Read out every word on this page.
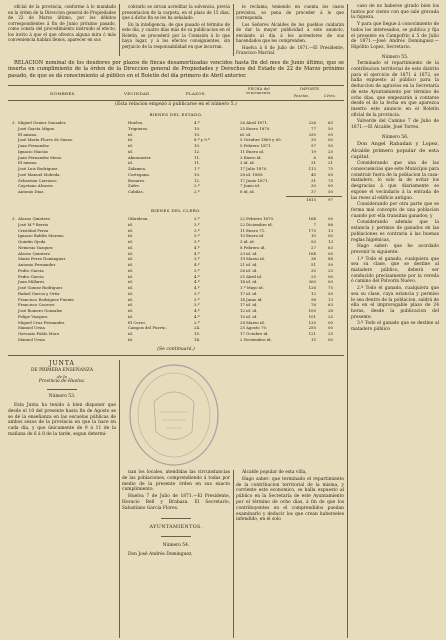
oficial de la provincia, conforme á lo mandado en la órden de la Direccion general de Propiedades de 22 de Marzo último, por los débitos correspondientes á fin de Junio próximo pasado, como consta del procedimiento instruido al efecto, los invito á que el que ofrezca alguna mira ó más conveniencia hablan llenos, aparecer en sus

cobrarlo se sirvan acreditar la solvencia, previa presentacion de la carpeta, en el plazo de 15 días, que á dicho fin se les ha señalado.

En la inteligencia, de que pasado el término de este dia, y cuatro días más de su publicacion en el Boletín, se procederá por la Comisión á lo que haya lugar, y á los efectos consiguientes, sin perjuicio de la responsabilidad en que incurran.

le reclama, teniendo en cuenta los casos previstos, so pena de proceder á lo que corresponda.

Los Señores Alcaldes de los pueblos cuidarán de dar la mayor publicidad á este anuncio, enviando al dia á los acreedores de sus hacendados que les comprenden.

Huelva á 6 de Julio de 1871.—El Presidente, Francisco Marcial.

RELACION nominal de los deudores por plazos de fincas desamortizadas vencidos hasta fin del mes de Junio último, que se inserta en cumplimiento de la órden de la Direccion general de Propiedades y Derechos del Estado de 22 de Marzo próximo pasado, de que se dá conocimiento al público en el Boletín del día primero de Abril anterior.

NOMBRES.	VECINDAD.	PLAZOS.
FECHA del vencimiento.
IMPORTE
Pesetas.	Cénts.
(Esta relacion empezó á publicarse en el número 5.)
BIENES DEL ESTADO.
3. Miguel Gomez Gonzalez	Huelva.	4.º	26 Abril 1871.	226	63
José García Migue.	Trigueros.	10.	25 Enero 1870.	77	50
El mismo.	id.	10.	id. id.	330	00
José María Flores de Saura.	id.	8.º y 9.º	5 Octubre 1869 y 69.	35	00
Juan Fernandez	id.	10.	5 Febrero 1871.	97	50
Ignacio Macías	id.	12.	11 Enero id.	19	25
Juan Fernandez Mesa.	Almonaster.	11.	3 Enero id.	6	88
El mismo.	id.	11.	3 id. id.	31	21
José Luis Rodriguez.	Zalamea.	1.º	17 Julio 1870.	113	75
José Manuel Moheda.	Cortegana.	10.	28 id. 1869.	40	00
Sebastian Carrasco.	Bonares.	12.	17 Junio 1871.	31	75
Cayetano Alvarez.	Zufre.	2.º	7 Junio id.	30	00
Antonio Diaz.	Cabilas.	2.º	8 id. id.	37	50
1815	97
BIENES DEL CLERO.
3. Alonso Quintero	Gibraleon.	3.º	22 Febrero 1870.	164	00
José M.ª Berrio	id.	3.º	22 Diciembre id.	7	88
Cristóbal Perea	id.	3.º	11 Enero 71.	175	13
Ignacio Baldés Moreno	id.	3.º	10 Enero id.	10	00
Quintín Ojeda	id.	3.º	3 id. id.	50	13
Nemesio Vazquez	id.	4.º	8 Febrero id.	27	63
Alonso Quintero	id.	4.º	23 id. id.	164	00
María Perez Dominguez	id.	3.º	19 Marzo id.	36	88
Antonio Fernandez	id.	4.º	21 id. id.	51	50
Pedro Garcia	id.	3.º	26 id. id.	35	25
Pedro Garcia	id.	4.º	25 Abril id.	25	00
Juan Millares	id.	4.º	14 id. id.	300	00
José Gomez Rodriguez	id.	4.º	1.º Mayo id.	126	75
Rafael Garcia y Ortiz	id.	3.º	17 id. id.	12	50
Francisco Rodriguez Puente	id.	3.º	14 Junio id.	98	13
Francisco Caceres	id.	3.º	17 id. id.	76	63
José Romero Gonzalez	id.	4.º	12 id. id.	100	38
Felipe Vazquez	id.	4.º	10 id. id.	101	25
Miguel Cruz Fernandez	El Cerro.	2.º	28 Marzo id.	125	00
Manuel Ursia	Campos del Puerto.	24.	25 Agosto 70.	250	00
Gervasio Pablo Moro	id.	15.	17 Octubre id.	121	25
Manuel Ursia	id.	14.	2 Noviembre id.	15	00
(Se continuará.)

caso de no haberse girado bien los tantos por ciento con que sale gravada la riqueza.

Y para que llegue á conocimiento de todos los interesados, se publica y fija el presente en Campofrío á 5 de Julio de 1871.—José Andrés Dominguez.—Hipólito Lopez, Secretario.

Número 55.

Terminado el repartimiento de la contribucion territorial de este distrito para el ejercicio de 1871 á 1872, se halla expuesto al público para la deduccion de agravios en la Secretaría de este Ayuntamiento por término de ocho días, que empezarán á contarse desde el de la fecha en que aparezca inserto este anuncio en el Boletín oficial de la provincia.

Valverde del Camino 7 de Julio de 1871.—El Alcalde, José Torres.

Número 56.

Don Angel Rabadan y Lopez, Alcalde primero popular de esta capital.

Considerando que una de las consecuencias que este Municipio para construir fuera de la poblacion la casa-matadero, lo solo la de evitar los desgracias á que diariamente se expone el vecindario á la entrada de las reses al edificio antiguo.

Considerando por otra parte que se forma mal concepto de una poblacion cuando por ella transitan ganados; y

Considerando además que la estancia y permiso de ganados en las poblaciones es contraria á las buenas reglas higiénicas,

Hago saber: que he acordado prevenir lo siguiente:

1.º Todo el ganado, cualquiera que sea su clase, que se destine al matadero público, deberá ser conducido precisamente por la vereda ó camino del Polvorín Nuevo.

2.º Todo el ganado, cualquiera que sea su clase, cuya estancia y permiso le sea dentro de la poblacion, saldrá de ella en el improrogable plazo de 24 horas, desde la publicacion del presente.

3.º Todo el ganado que se destine al matadero público

JUNTA
DE PRIMERA ENSEÑANZA
de la
Provincia de Huelva.
Número 53.

Esta Junta ha tenido á bien disponer que desde el 10 del presente hasta fin de Agosto se se dé la enseñanza en las escuelas públicas de ambos sexos de la provincia en que la hace en cada día, y que únicamente de 9 á 11 de la mañana de 6 á 8 de la tarde, segun determi-

nan los locales, atendidas las circunstancias de las poblaciones, comprendiendo á todas por medio de la presente órden en sus exacto cumplimiento.

Huelva 7 de Julio de 1871.—El Presidente, Horacio Bell y Brabaza. El Secretario, Salustiano García Flores.

AYUNTAMIENTOS.
Número 54.

Don José Andrés Dominguez,

Alcalde popular de esta villa,

Hago saber: que terminado el repartimiento de la contribucion territorial de la misma, y corriente este economico, se halla expuesto al público en la Secretaría de este Ayuntamiento por el término de ocho días, á fin de que los contribuyentes en el comprendidos puedan examinarlo y deducir los que crean haberseles infendido, en el solo
